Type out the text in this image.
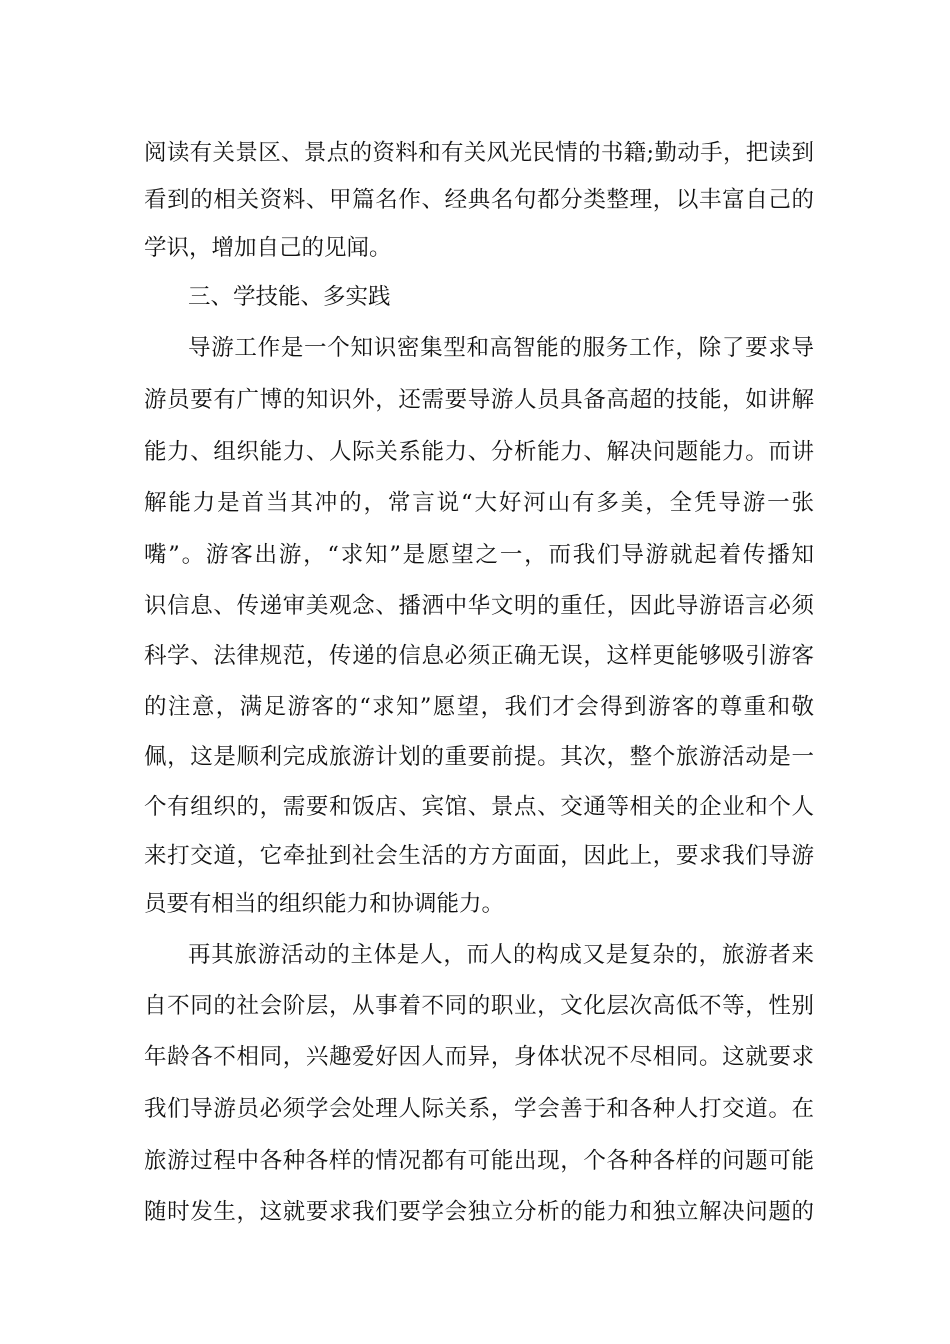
阅读有关景区、景点的资料和有关风光民情的书籍;勤动手，把读到
看到的相关资料、甲篇名作、经典名句都分类整理，以丰富自己的
学识，增加自己的见闻。
三、学技能、多实践
导游工作是一个知识密集型和高智能的服务工作，除了要求导
游员要有广博的知识外，还需要导游人员具备高超的技能，如讲解
能力、组织能力、人际关系能力、分析能力、解决问题能力。而讲
解能力是首当其冲的，常言说“大好河山有多美，全凭导游一张
嘴”。游客出游，“求知”是愿望之一，而我们导游就起着传播知
识信息、传递审美观念、播洒中华文明的重任，因此导游语言必须
科学、法律规范，传递的信息必须正确无误，这样更能够吸引游客
的注意，满足游客的“求知”愿望，我们才会得到游客的尊重和敬
佩，这是顺利完成旅游计划的重要前提。其次，整个旅游活动是一
个有组织的，需要和饭店、宾馆、景点、交通等相关的企业和个人
来打交道，它牵扯到社会生活的方方面面，因此上，要求我们导游
员要有相当的组织能力和协调能力。
再其旅游活动的主体是人，而人的构成又是复杂的，旅游者来
自不同的社会阶层，从事着不同的职业，文化层次高低不等，性别
年龄各不相同，兴趣爱好因人而异，身体状况不尽相同。这就要求
我们导游员必须学会处理人际关系，学会善于和各种人打交道。在
旅游过程中各种各样的情况都有可能出现，个各种各样的问题可能
随时发生，这就要求我们要学会独立分析的能力和独立解决问题的
